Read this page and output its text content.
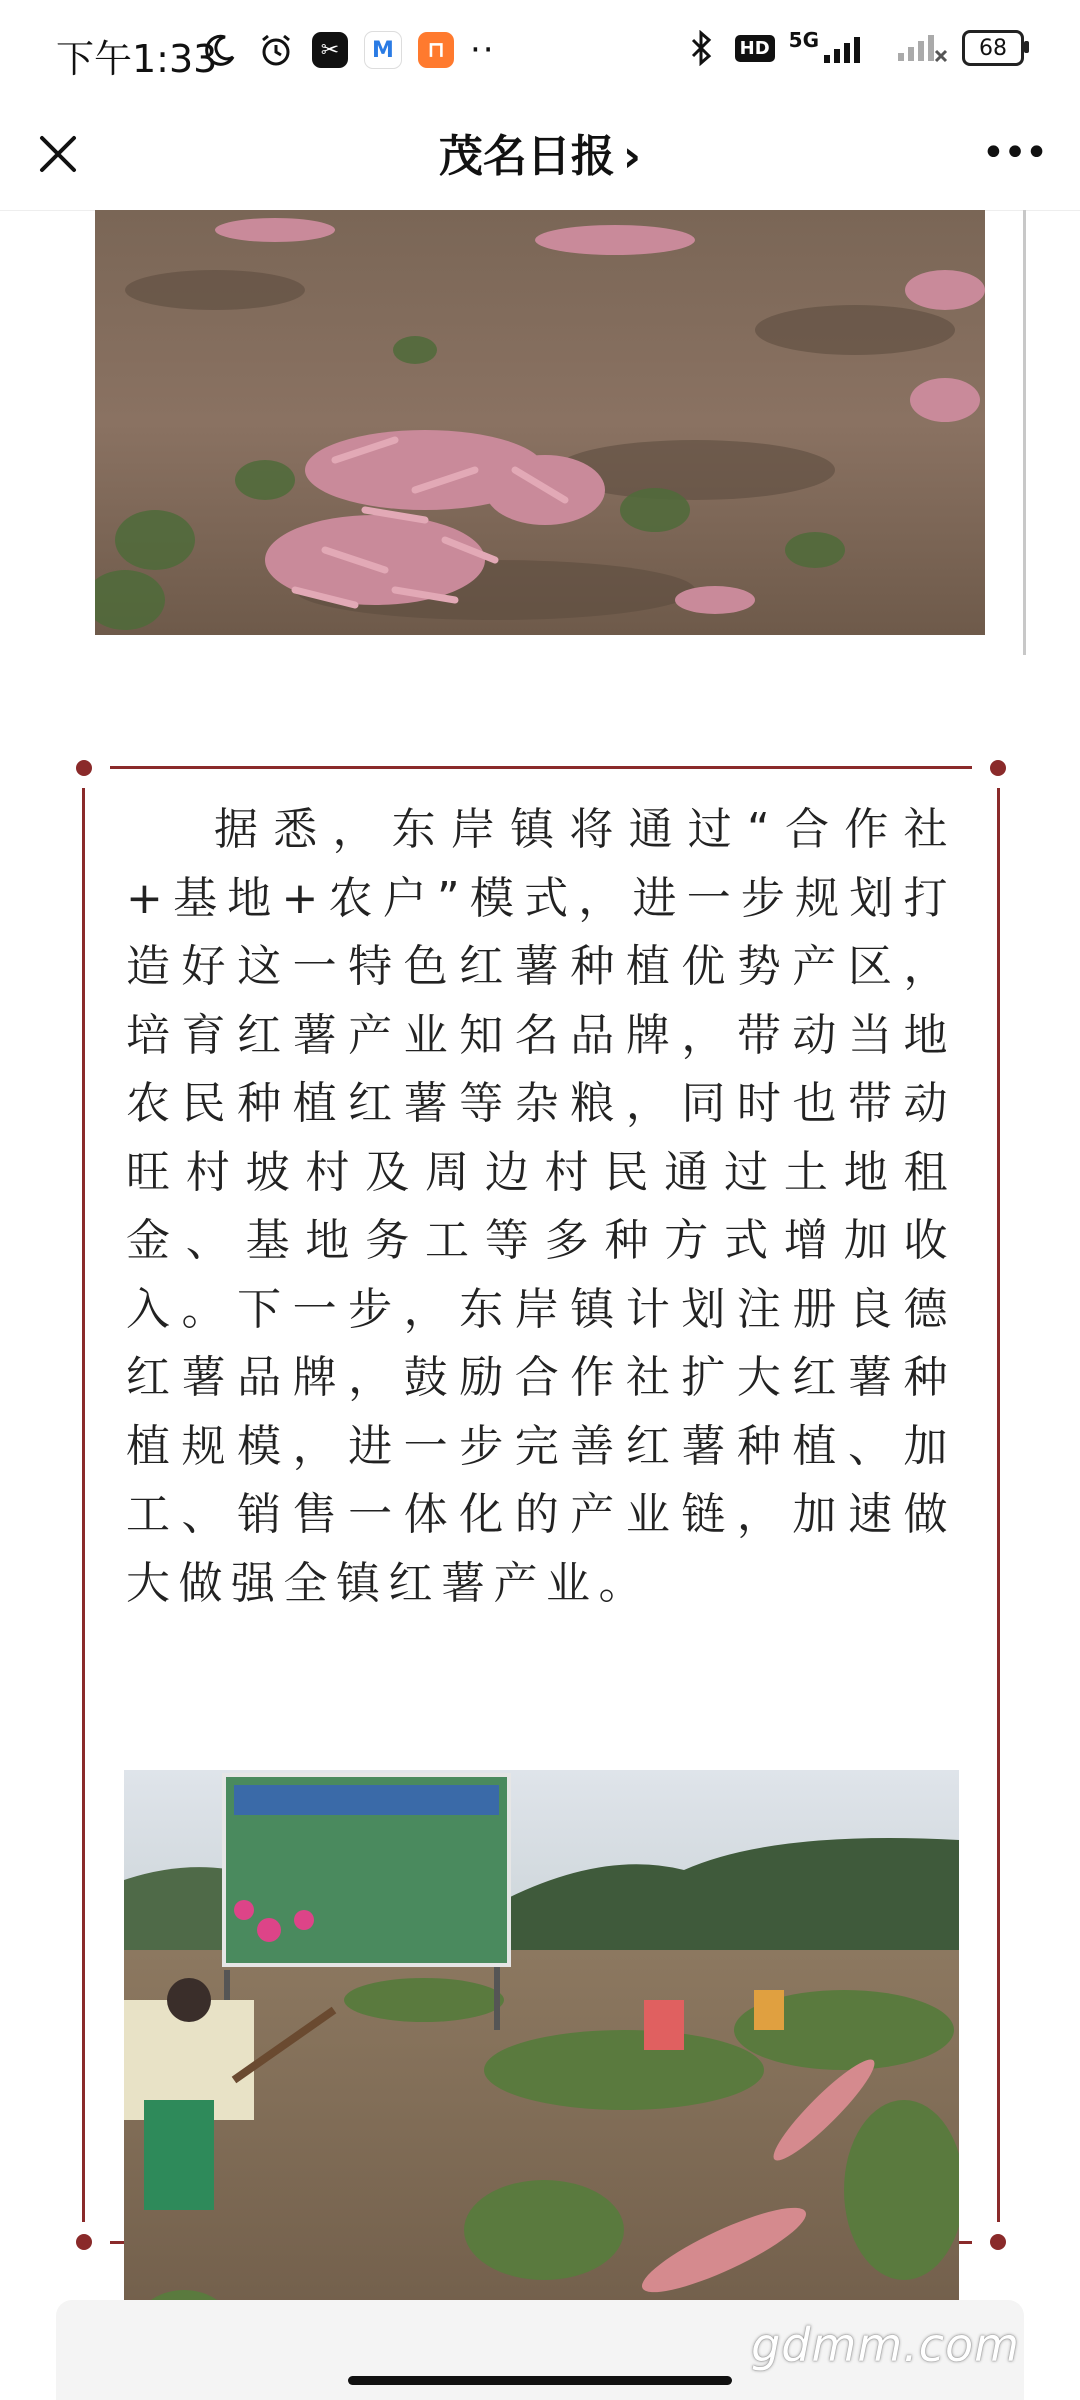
下午1:33	✂	M	⊓ ··	HD 5G	68
茂名日报 ›	•••
据悉，东岸镇将通过“合作社+基地+农户”模式，进一步规划打造好这一特色红薯种植优势产区，培育红薯产业知名品牌，带动当地农民种植红薯等杂粮，同时也带动旺村坡村及周边村民通过土地租金、基地务工等多种方式增加收入。下一步，东岸镇计划注册良德红薯品牌，鼓励合作社扩大红薯种植规模，进一步完善红薯种植、加工、销售一体化的产业链，加速做大做强全镇红薯产业。
gdmm.com
